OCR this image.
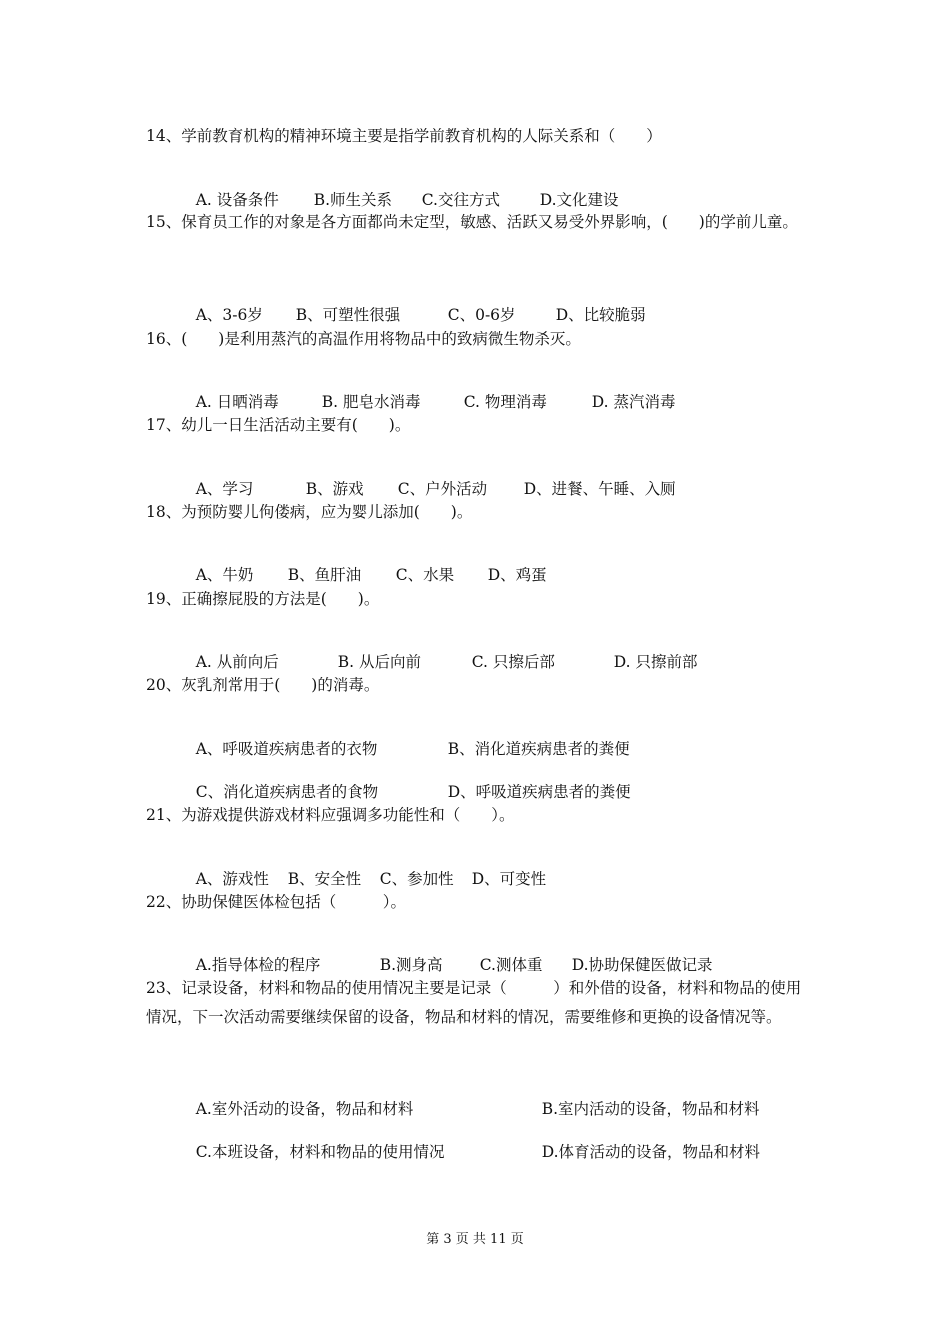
14、学前教育机构的精神环境主要是指学前教育机构的人际关系和（　　）

A. 设备条件 B.师生关系 C.交往方式	D.文化建设

15、保育员工作的对象是各方面都尚未定型，敏感、活跃又易受外界影响，(　　)的学前儿童。

A、3-6岁 B、可塑性很强	C、0-6岁	D、比较脆弱

16、(　　)是利用蒸汽的高温作用将物品中的致病微生物杀灭。

A. 日晒消毒	B. 肥皂水消毒	C. 物理消毒	D. 蒸汽消毒

17、幼儿一日生活活动主要有(　　)。

A、学习	B、游戏 C、户外活动 D、进餐、午睡、入厕

18、为预防婴儿佝偻病，应为婴儿添加(　　)。

A、牛奶 B、鱼肝油 C、水果 D、鸡蛋

19、正确擦屁股的方法是(　　)。

A. 从前向后	B. 从后向前	C. 只擦后部	D. 只擦前部

20、灰乳剂常用于(　　)的消毒。

A、呼吸道疾病患者的衣物	B、消化道疾病患者的粪便

C、消化道疾病患者的食物	D、呼吸道疾病患者的粪便

21、为游戏提供游戏材料应强调多功能性和（　　）。

A、游戏性 B、安全性 C、参加性 D、可变性

22、协助保健医体检包括（　　　）。

A.指导体检的程序	B.测身高 C.测体重 D.协助保健医做记录

23、记录设备，材料和物品的使用情况主要是记录（　　　）和外借的设备，材料和物品的使用情况，下一次活动需要继续保留的设备，物品和材料的情况，需要维修和更换的设备情况等。

A.室外活动的设备，物品和材料	B.室内活动的设备，物品和材料

C.本班设备，材料和物品的使用情况	D.体育活动的设备，物品和材料

第 3 页 共 11 页
